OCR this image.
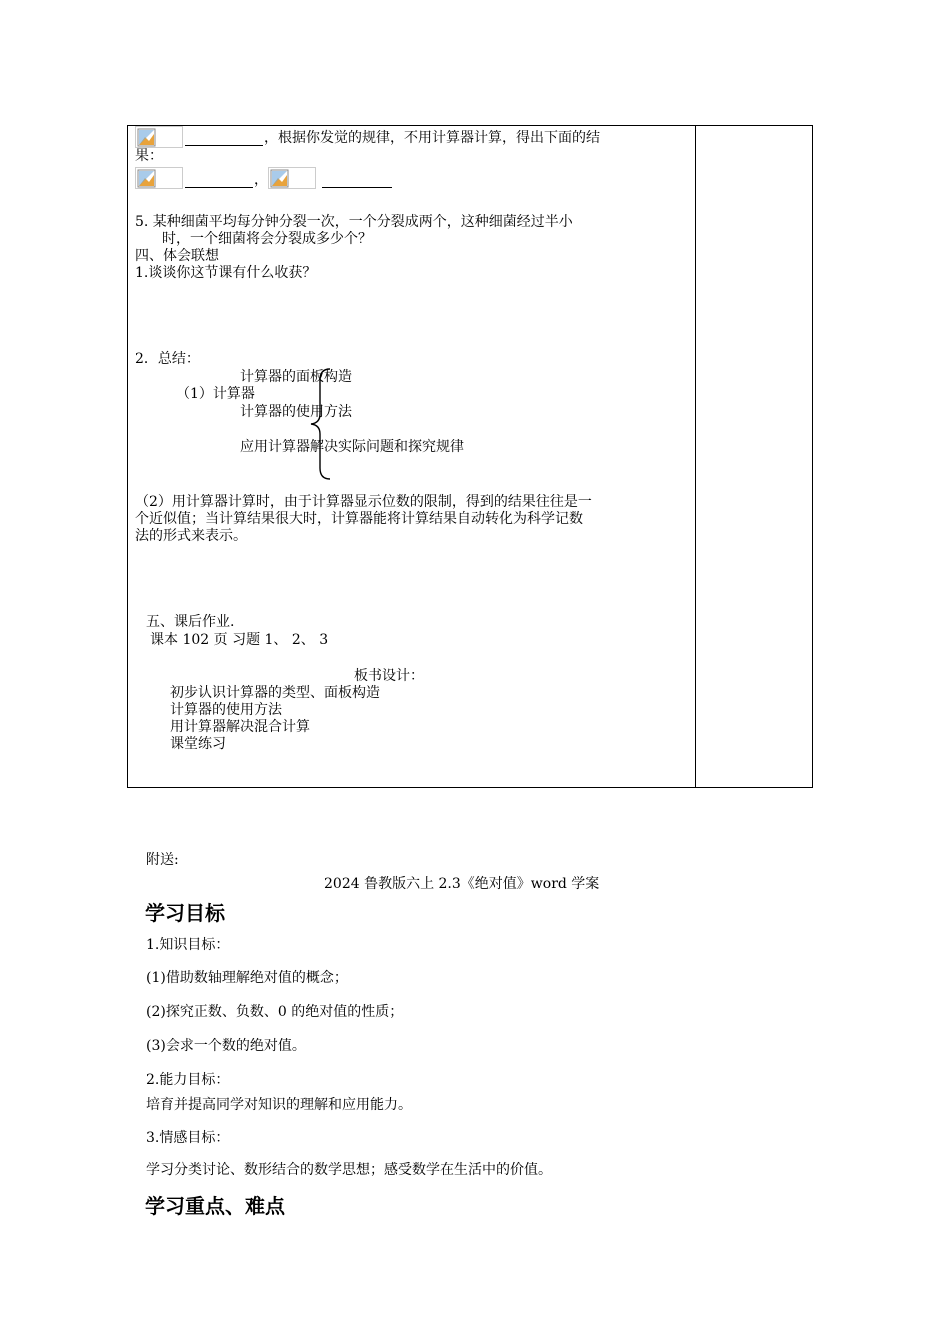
，根据你发觉的规律，不用计算器计算，得出下面的结
果：
，
5. 某种细菌平均每分钟分裂一次，一个分裂成两个，这种细菌经过半小
时，一个细菌将会分裂成多少个？
四、体会联想
1.谈谈你这节课有什么收获？
2．总结：
计算器的面板构造
（1）计算器
计算器的使用方法
应用计算器解决实际问题和探究规律
（2）用计算器计算时，由于计算器显示位数的限制，得到的结果往往是一
个近似值；当计算结果很大时，计算器能将计算结果自动转化为科学记数
法的形式来表示。
五、课后作业.
课本 102 页 习题 1、 2、 3
板书设计：
初步认识计算器的类型、面板构造
计算器的使用方法
用计算器解决混合计算
课堂练习
附送:
2024 鲁教版六上 2.3《绝对值》word 学案
学习目标
1.知识目标：
(1)借助数轴理解绝对值的概念；
(2)探究正数、负数、0 的绝对值的性质；
(3)会求一个数的绝对值。
2.能力目标：
培育并提高同学对知识的理解和应用能力。
3.情感目标：
学习分类讨论、数形结合的数学思想；感受数学在生活中的价值。
学习重点、难点
